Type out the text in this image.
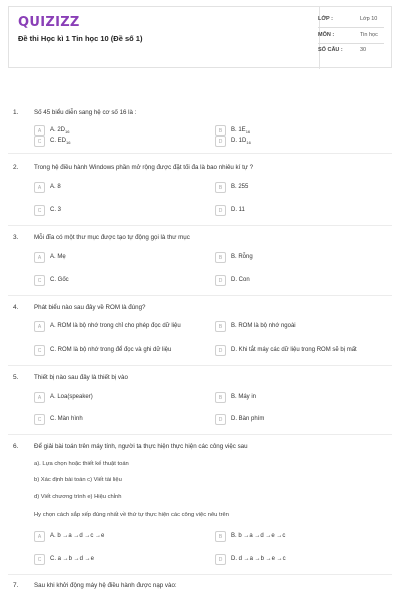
QUIZIZZ
Đề thi Học kì 1 Tin học 10 (Đề số 1)
LỚP :	Lớp 10
MÔN :	Tin học
SỐ CÂU :	30
1.	Số 45 biểu diễn sang hệ cơ số 16 là :
A	A. $2D_{16}$	B	B. $1E_{16}$
C	C. $ED_{16}$	D	D. $1D_{16}$
2.	Trong hệ điều hành Windows phần mở rộng được đặt tối đa là bao nhiêu kí tự ?
A	A. 8	B	B. 255
C	C. 3	D	D. 11
3.	Mỗi đĩa có một thư mục được tạo tự động gọi là thư mục
A	A. Mẹ	B	B. Rỗng
C	C. Gốc	D	D. Con
4.	Phát biểu nào sau đây về ROM là đúng?
A	A. ROM là bộ nhớ trong chỉ cho phép đọc dữ liệu	B	B. ROM là bộ nhớ ngoài
C	C. ROM là bộ nhớ trong để đọc và ghi dữ liệu	D	D. Khi tắt máy các dữ liệu trong ROM sẽ bị mất
5.	Thiết bị nào sau đây là thiết bị vào
A	A. Loa(speaker)	B	B. Máy in
C	C. Màn hình	D	D. Bàn phím
6.	Để giải bài toán trên máy tính, người ta thực hiện thực hiện các công việc sau
a). Lựa chọn hoặc thiết kế thuật toán
b) Xác định bài toán c) Viết tài liệu
d) Viết chương trình e) Hiệu chỉnh
Hy chọn cách sắp xếp đúng nhất về thứ tự thực hiện các công việc nêu trên
A	A. b →a →d →c →e	B	B. b →a →d →e →c
C	C. a →b →d →e	D	D. d →a →b →e →c
7.	Sau khi khởi động máy hệ điều hành được nạp vào:
